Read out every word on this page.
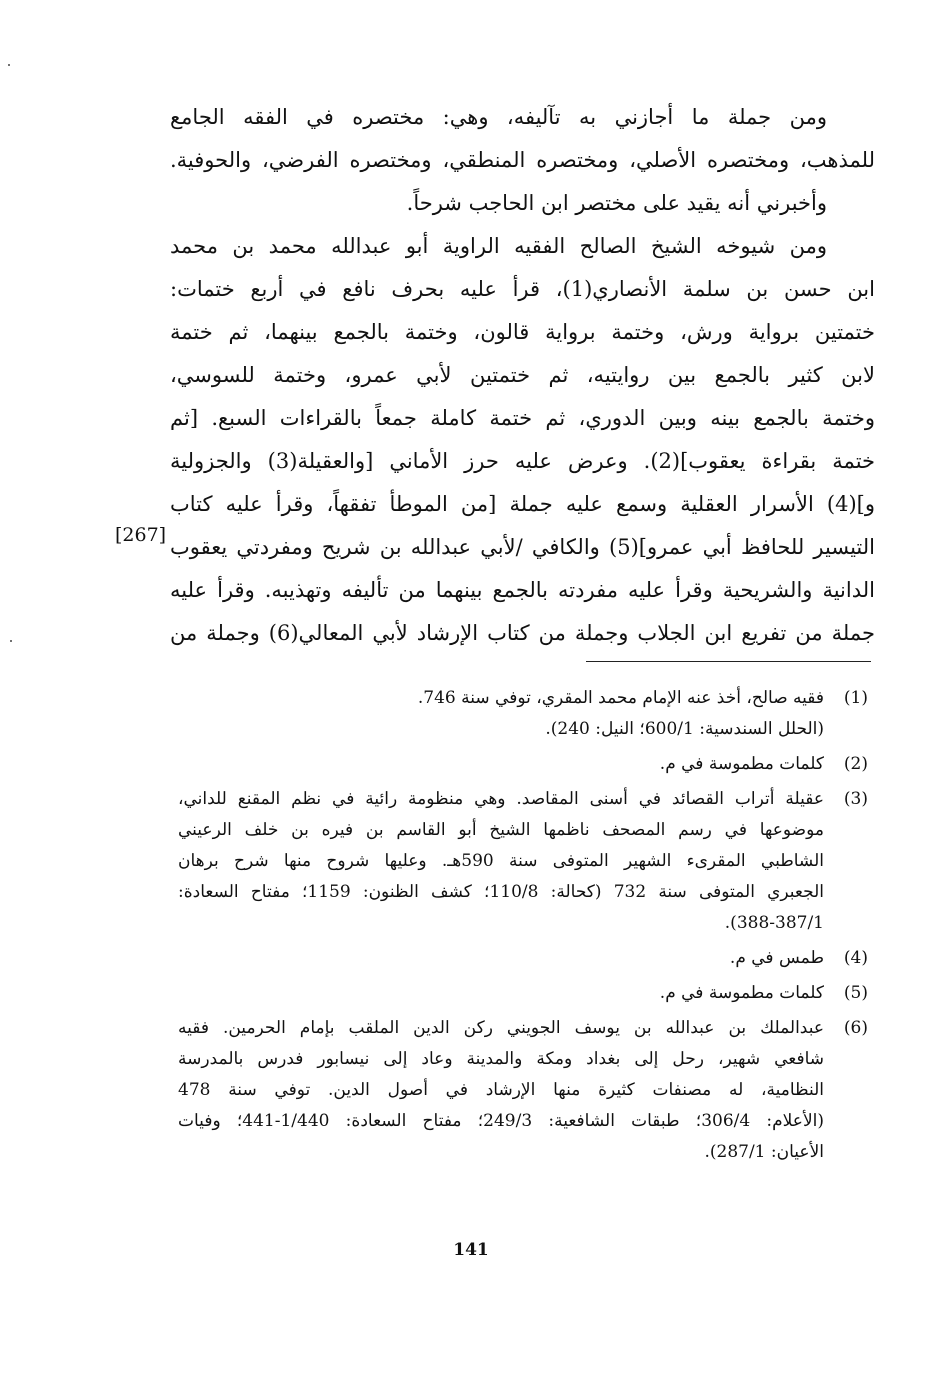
ومن جملة ما أجازني به تآليفه، وهي: مختصره في الفقه الجامع
للمذهب، ومختصره الأصلي، ومختصره المنطقي، ومختصره الفرضي، والحوفية.
وأخبرني أنه يقيد على مختصر ابن الحاجب شرحاً.
ومن شيوخه الشيخ الصالح الفقيه الراوية أبو عبدالله محمد بن محمد
ابن حسن بن سلمة الأنصاري(1)، قرأ عليه بحرف نافع في أربع ختمات:
ختمتين برواية ورش، وختمة برواية قالون، وختمة بالجمع بينهما، ثم ختمة
لابن كثير بالجمع بين روايتيه، ثم ختمتين لأبي عمرو، وختمة للسوسي،
وختمة بالجمع بينه وبين الدوري، ثم ختمة كاملة جمعاً بالقراءات السبع. [ثم
ختمة بقراءة يعقوب](2). وعرض عليه حرز الأماني [والعقيلة(3) والجزولية
و](4) الأسرار العقلية وسمع عليه جملة [من الموطأ تفقهاً، وقرأ عليه كتاب
التيسير للحافظ أبي عمرو](5) والكافي /لأبي عبدالله بن شريح ومفردتي يعقوب
الدانية والشريحية وقرأ عليه مفردته بالجمع بينهما من تأليفه وتهذيبه. وقرأ عليه
جملة من تفريع ابن الجلاب وجملة من كتاب الإرشاد لأبي المعالي(6) وجملة من
[267]
(1)
فقيه صالح، أخذ عنه الإمام محمد المقري، توفي سنة 746.
(الحلل السندسية: 600/1؛ النيل: 240).
(2)
كلمات مطموسة في م.
(3)
عقيلة أتراب القصائد في أسنى المقاصد. وهي منظومة رائية في نظم المقنع للداني،
موضوعها في رسم المصحف ناظمها الشيخ أبو القاسم بن فيره بن خلف الرعيني
الشاطبي المقرىء الشهير المتوفى سنة 590هـ. وعليها شروح منها شرح برهان
الجعبري المتوفى سنة 732 (كحالة: 110/8؛ كشف الظنون: 1159؛ مفتاح السعادة:
388-387/1).
(4)
طمس في م.
(5)
كلمات مطموسة في م.
(6)
عبدالملك بن عبدالله بن يوسف الجويني ركن الدين الملقب بإمام الحرمين. فقيه
شافعي شهير، رحل إلى بغداد ومكة والمدينة وعاد إلى نيسابور فدرس بالمدرسة
النظامية، له مصنفات كثيرة منها الإرشاد في أصول الدين. توفي سنة 478
(الأعلام: 306/4؛ طبقات الشافعية: 249/3؛ مفتاح السعادة: 1/440-441؛ وفيات
الأعيان: 287/1).
141
